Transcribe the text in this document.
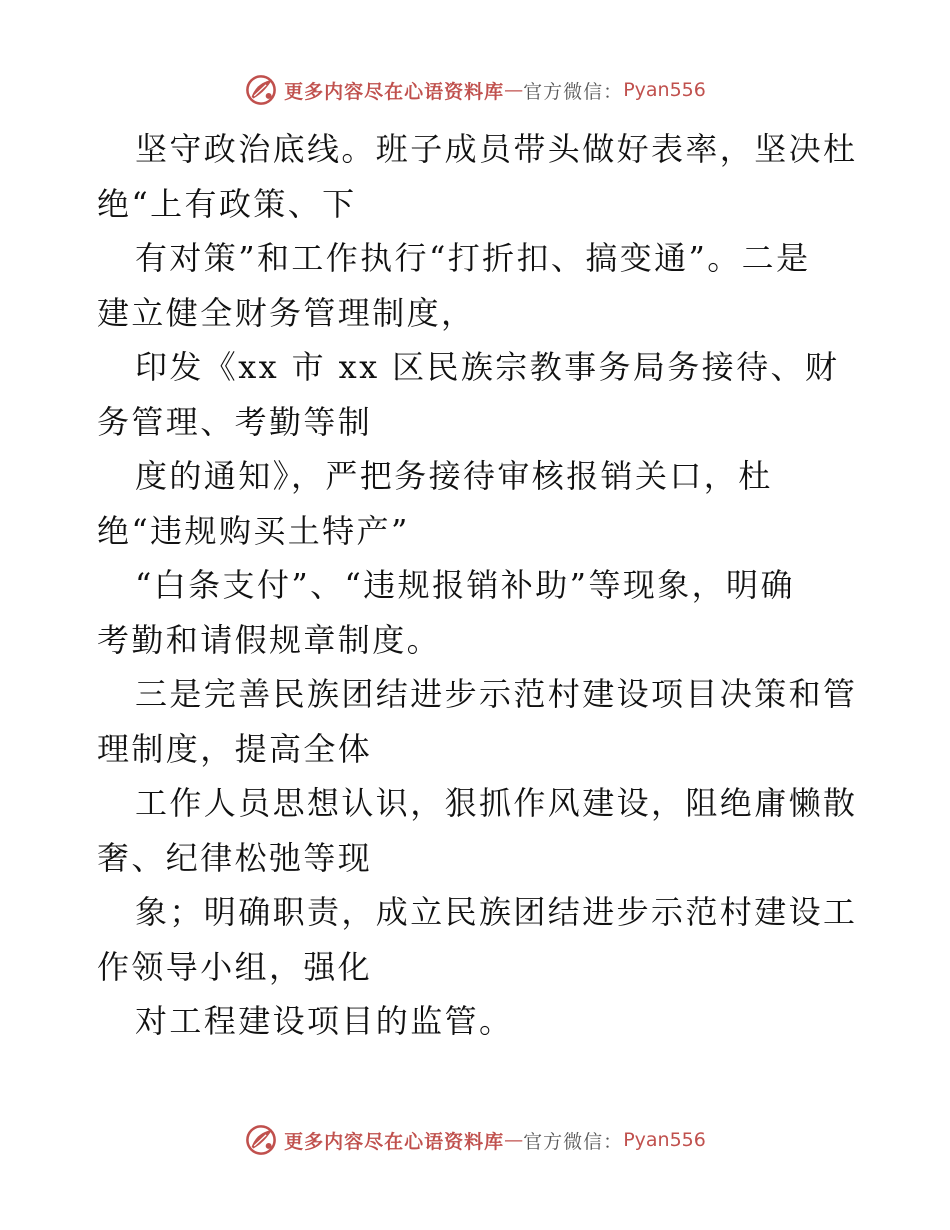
更多内容尽在心语资料库 — 官方微信： Pyan556
坚守政治底线。班子成员带头做好表率，坚决杜
绝“上有政策、下
有对策”和工作执行“打折扣、搞变通”。二是
建立健全财务管理制度，
印发《xx 市 xx 区民族宗教事务局务接待、财
务管理、考勤等制
度的通知》，严把务接待审核报销关口，杜
绝“违规购买土特产”
“白条支付”、“违规报销补助”等现象，明确
考勤和请假规章制度。
三是完善民族团结进步示范村建设项目决策和管
理制度，提高全体
工作人员思想认识，狠抓作风建设，阻绝庸懒散
奢、纪律松弛等现
象；明确职责，成立民族团结进步示范村建设工
作领导小组，强化
对工程建设项目的监管。
更多内容尽在心语资料库 — 官方微信： Pyan556
